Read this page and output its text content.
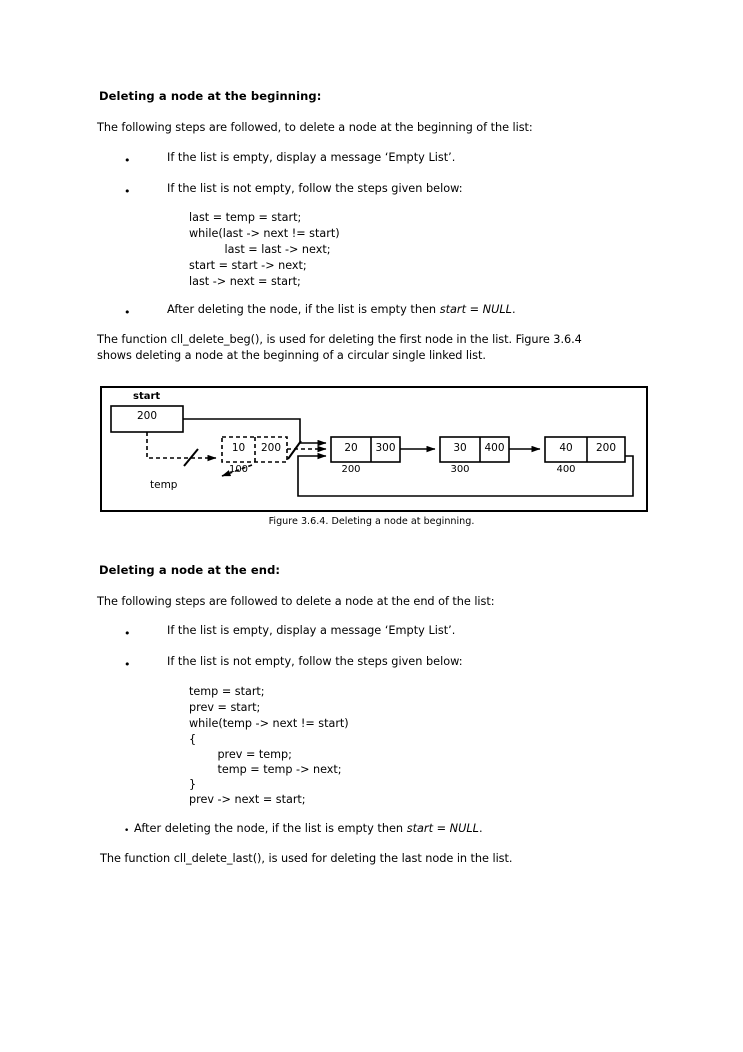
Deleting a node at the beginning:
The following steps are followed, to delete a node at the beginning of the list:
•	If the list is empty, display a message ‘Empty List’.
•	If the list is not empty, follow the steps given below:
last = temp = start;
while(last -> next != start)
last = last -> next;
start = start -> next;
last -> next = start;
•	After deleting the node, if the list is empty then start = NULL.
The function cll_delete_beg(), is used for deleting the first node in the list. Figure 3.6.4
shows deleting a node at the beginning of a circular single linked list.
start
200
temp
10	200
100
20	300
200
30	400
300
40	200
400
Figure 3.6.4. Deleting a node at beginning.
Deleting a node at the end:
The following steps are followed to delete a node at the end of the list:
•	If the list is empty, display a message ‘Empty List’.
•	If the list is not empty, follow the steps given below:
temp = start;
prev = start;
while(temp -> next != start)
{
prev = temp;
temp = temp -> next;
}
prev -> next = start;
• After deleting the node, if the list is empty then start = NULL.
The function cll_delete_last(), is used for deleting the last node in the list.
